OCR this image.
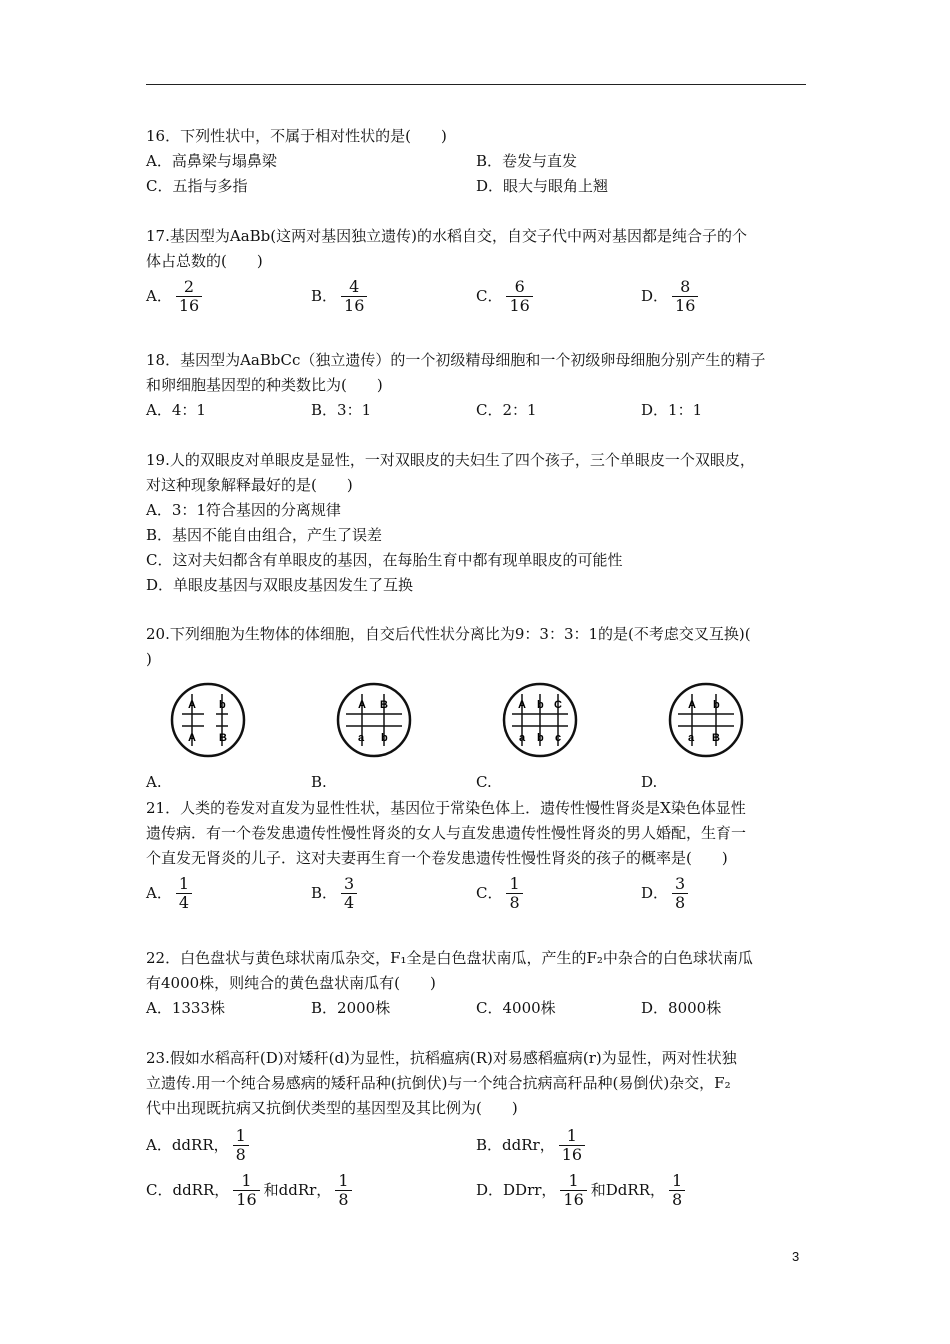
16．下列性状中，不属于相对性状的是(　　)
A．高鼻梁与塌鼻梁	B．卷发与直发
C．五指与多指	D．眼大与眼角上翘
17.基因型为AaBb(这两对基因独立遗传)的水稻自交，自交子代中两对基因都是纯合子的个
体占总数的(　　)
A． $\frac{2}{16}$	B． $\frac{4}{16}$	C． $\frac{6}{16}$	D． $\frac{8}{16}$
18．基因型为AaBbCc（独立遗传）的一个初级精母细胞和一个初级卵母细胞分别产生的精子
和卵细胞基因型的种类数比为(　　)
A．4：1	B．3：1	C．2：1	D．1：1
19.人的双眼皮对单眼皮是显性，一对双眼皮的夫妇生了四个孩子，三个单眼皮一个双眼皮，
对这种现象解释最好的是(　　)
A．3：1符合基因的分离规律
B．基因不能自由组合，产生了误差
C．这对夫妇都含有单眼皮的基因，在每胎生育中都有现单眼皮的可能性
D．单眼皮基因与双眼皮基因发生了互换
20.下列细胞为生物体的体细胞，自交后代性状分离比为9：3：3：1的是(不考虑交叉互换)(
)
A b
A B
A B
a b
A b C
a b c
A b
a B
A.	B.	C.	D.
21．人类的卷发对直发为显性性状，基因位于常染色体上．遗传性慢性肾炎是X染色体显性
遗传病．有一个卷发患遗传性慢性肾炎的女人与直发患遗传性慢性肾炎的男人婚配，生育一
个直发无肾炎的儿子．这对夫妻再生育一个卷发患遗传性慢性肾炎的孩子的概率是(　　)
A． $\frac{1}{4}$	B． $\frac{3}{4}$	C． $\frac{1}{8}$	D． $\frac{3}{8}$
22．白色盘状与黄色球状南瓜杂交，F₁全是白色盘状南瓜，产生的F₂中杂合的白色球状南瓜
有4000株，则纯合的黄色盘状南瓜有(　　)
A．1333株	B．2000株	C．4000株	D．8000株
23.假如水稻高秆(D)对矮秆(d)为显性，抗稻瘟病(R)对易感稻瘟病(r)为显性，两对性状独
立遗传.用一个纯合易感病的矮秆品种(抗倒伏)与一个纯合抗病高秆品种(易倒伏)杂交，F₂
代中出现既抗病又抗倒伏类型的基因型及其比例为(　　)
A．ddRR， $\frac{1}{8}$	B．ddRr， $\frac{1}{16}$
C．ddRR， $\frac{1}{16}$ 和ddRr， $\frac{1}{8}$	D．DDrr， $\frac{1}{16}$ 和DdRR， $\frac{1}{8}$
3
